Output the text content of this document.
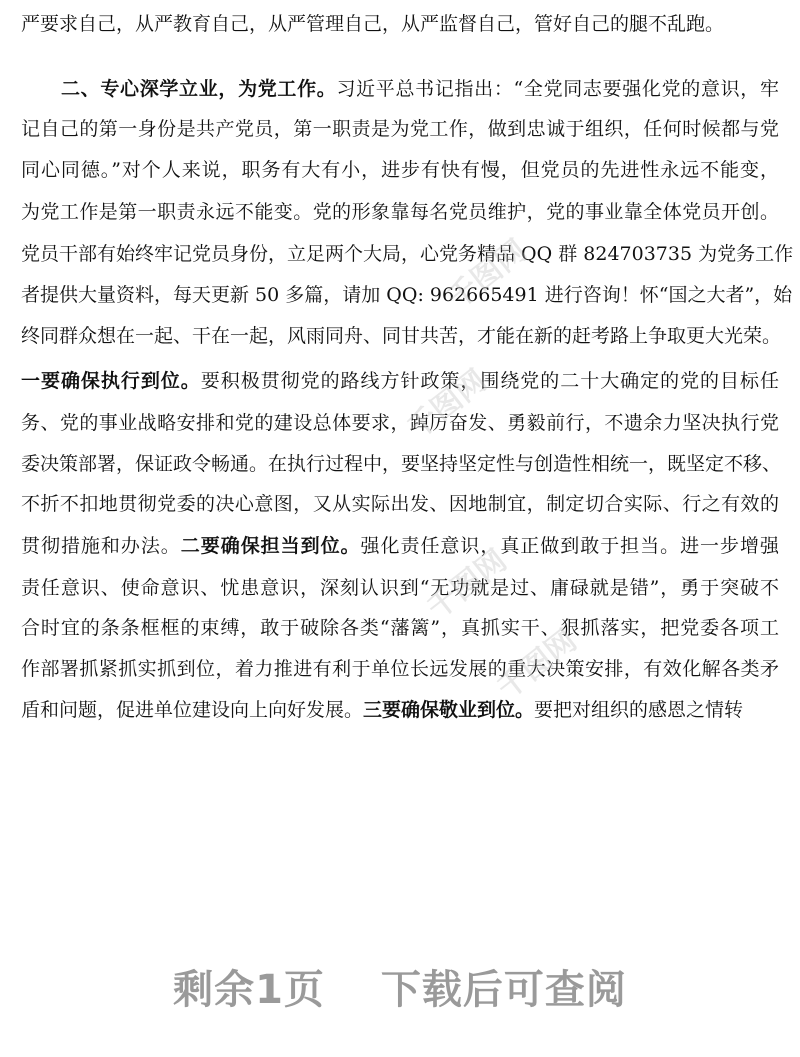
严要求自己，从严教育自己，从严管理自己，从严监督自己，管好自己的腿不乱跑。
二、专心深学立业，为党工作。习近平总书记指出：“全党同志要强化党的意识，牢
记自己的第一身份是共产党员，第一职责是为党工作，做到忠诚于组织，任何时候都与党
同心同德。”对个人来说，职务有大有小，进步有快有慢，但党员的先进性永远不能变，
为党工作是第一职责永远不能变。党的形象靠每名党员维护，党的事业靠全体党员开创。
党员干部有始终牢记党员身份，立足两个大局，心党务精品 QQ 群 824703735 为党务工作
者提供大量资料，每天更新 50 多篇，请加 QQ: 962665491 进行咨询！怀“国之大者”，始
终同群众想在一起、干在一起，风雨同舟、同甘共苦，才能在新的赶考路上争取更大光荣。
一要确保执行到位。要积极贯彻党的路线方针政策，围绕党的二十大确定的党的目标任
务、党的事业战略安排和党的建设总体要求，踔厉奋发、勇毅前行，不遗余力坚决执行党
委决策部署，保证政令畅通。在执行过程中，要坚持坚定性与创造性相统一，既坚定不移、
不折不扣地贯彻党委的决心意图，又从实际出发、因地制宜，制定切合实际、行之有效的
贯彻措施和办法。二要确保担当到位。强化责任意识，真正做到敢于担当。进一步增强
责任意识、使命意识、忧患意识，深刻认识到“无功就是过、庸碌就是错”，勇于突破不
合时宜的条条框框的束缚，敢于破除各类“藩篱”，真抓实干、狠抓落实，把党委各项工
作部署抓紧抓实抓到位，着力推进有利于单位长远发展的重大决策安排，有效化解各类矛
盾和问题，促进单位建设向上向好发展。三要确保敬业到位。要把对组织的感恩之情转
千图网
千图网
千图网
千图网
剩余1页 下载后可查阅
